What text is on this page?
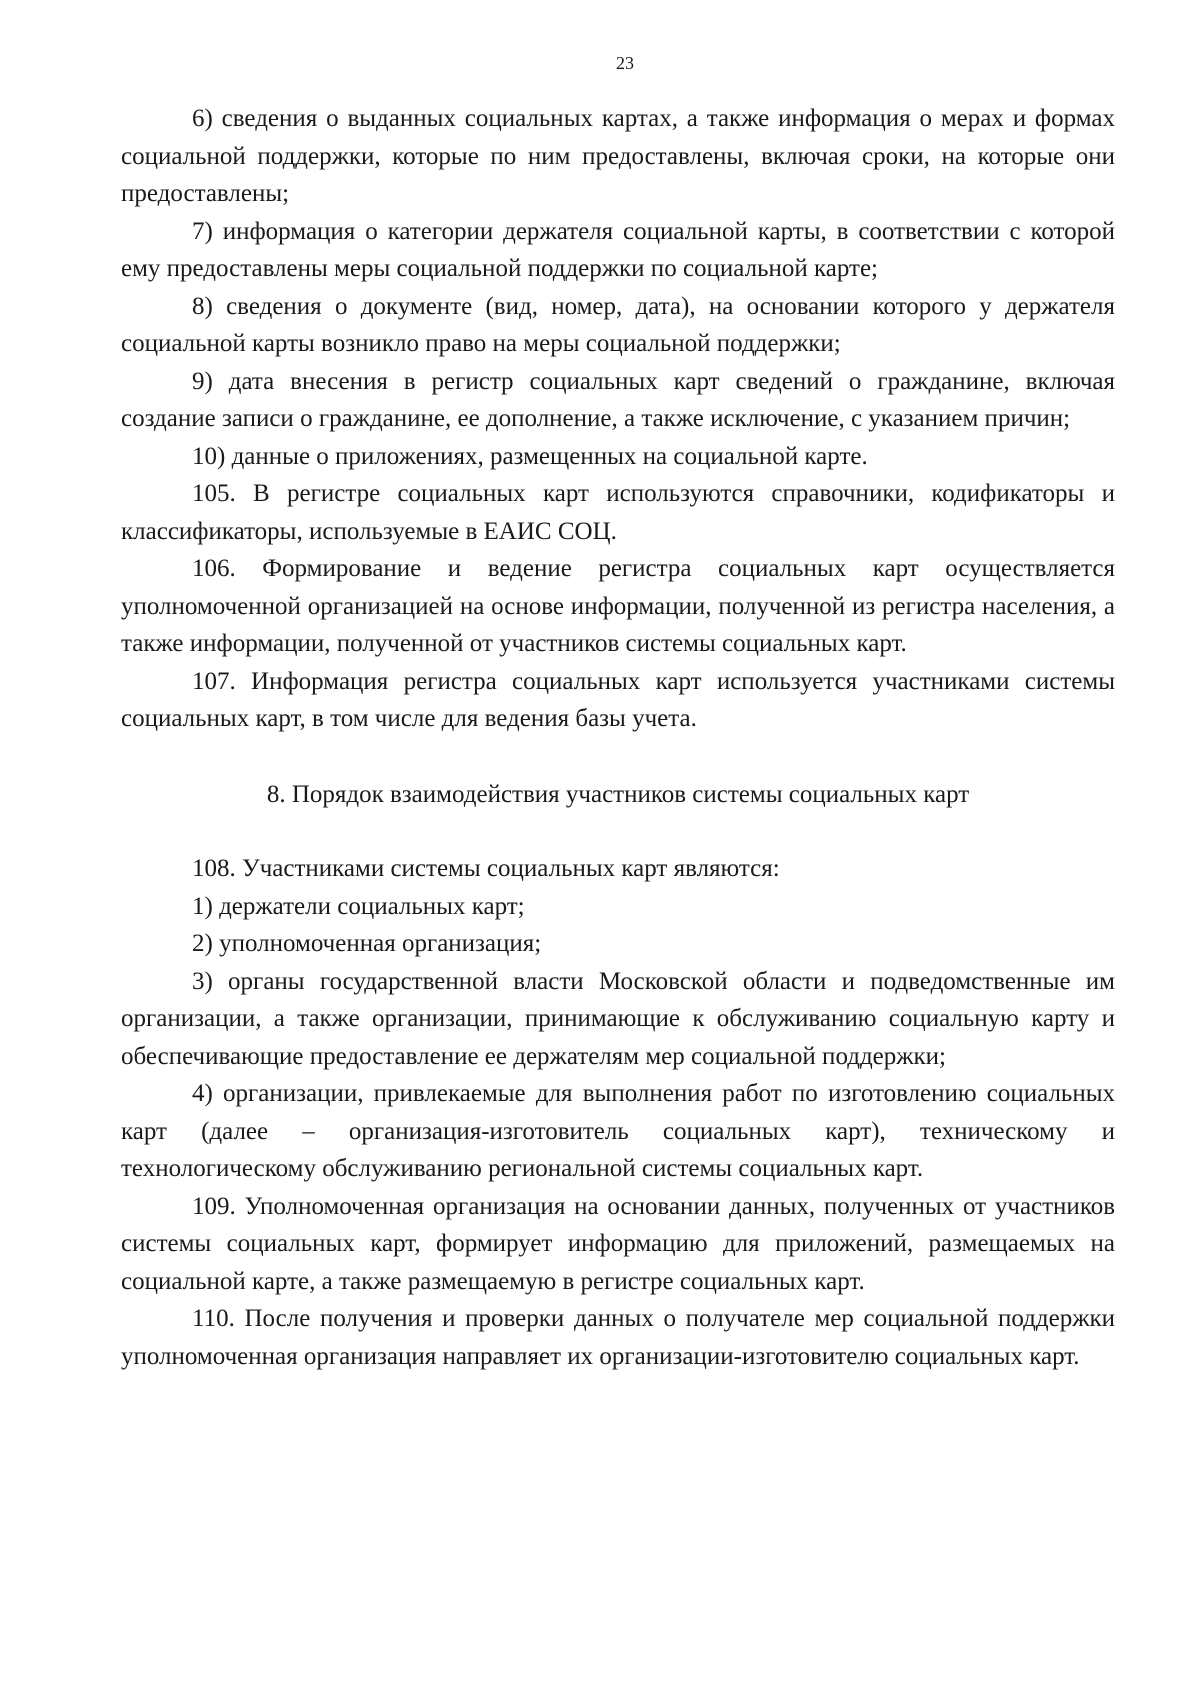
23

6) сведения о выданных социальных картах, а также информация о мерах и формах социальной поддержки, которые по ним предоставлены, включая сроки, на которые они предоставлены;

7) информация о категории держателя социальной карты, в соответствии с которой ему предоставлены меры социальной поддержки по социальной карте;

8) сведения о документе (вид, номер, дата), на основании которого у держателя социальной карты возникло право на меры социальной поддержки;

9) дата внесения в регистр социальных карт сведений о гражданине, включая создание записи о гражданине, ее дополнение, а также исключение, с указанием причин;

10) данные о приложениях, размещенных на социальной карте.

105. В регистре социальных карт используются справочники, кодификаторы и классификаторы, используемые в ЕАИС СОЦ.

106. Формирование и ведение регистра социальных карт осуществляется уполномоченной организацией на основе информации, полученной из регистра населения, а также информации, полученной от участников системы социальных карт.

107. Информация регистра социальных карт используется участниками системы социальных карт, в том числе для ведения базы учета.

8. Порядок взаимодействия участников системы социальных карт

108. Участниками системы социальных карт являются:

1) держатели социальных карт;

2) уполномоченная организация;

3) органы государственной власти Московской области и подведомственные им организации, а также организации, принимающие к обслуживанию социальную карту и обеспечивающие предоставление ее держателям мер социальной поддержки;

4) организации, привлекаемые для выполнения работ по изготовлению социальных карт (далее – организация-изготовитель социальных карт), техническому и технологическому обслуживанию региональной системы социальных карт.

109. Уполномоченная организация на основании данных, полученных от участников системы социальных карт, формирует информацию для приложений, размещаемых на социальной карте, а также размещаемую в регистре социальных карт.

110. После получения и проверки данных о получателе мер социальной поддержки уполномоченная организация направляет их организации-изготовителю социальных карт.
